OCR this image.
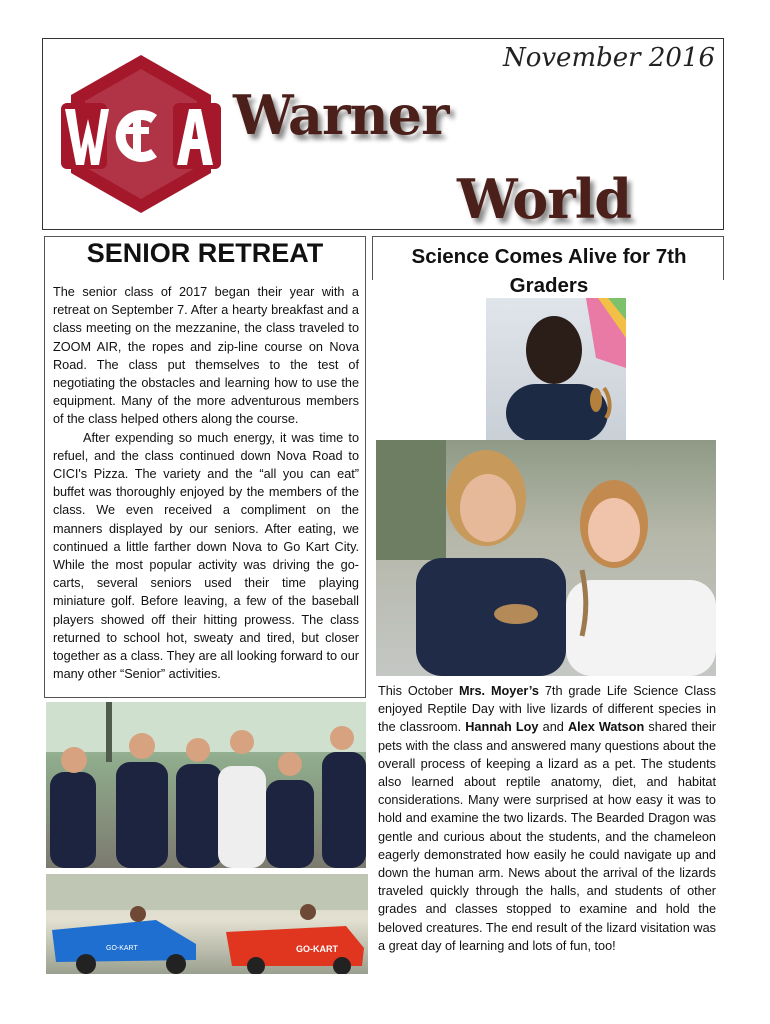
November 2016
Warner
World
SENIOR RETREAT

The senior class of 2017 began their year with a retreat on September 7. After a hearty breakfast and a class meeting on the mezzanine, the class traveled to ZOOM AIR, the ropes and zip-line course on Nova Road. The class put themselves to the test of negotiating the obstacles and learning how to use the equipment. Many of the more adventurous members of the class helped others along the course.

After expending so much energy, it was time to refuel, and the class continued down Nova Road to CICI's Pizza. The variety and the “all you can eat” buffet was thoroughly enjoyed by the members of the class. We even received a compliment on the manners displayed by our seniors. After eating, we continued a little farther down Nova to Go Kart City. While the most popular activity was driving the go-carts, several seniors used their time playing miniature golf. Before leaving, a few of the baseball players showed off their hitting prowess. The class returned to school hot, sweaty and tired, but closer together as a class. They are all looking forward to our many other “Senior” activities.

Science Comes Alive for 7th Graders
This October Mrs. Moyer’s 7th grade Life Science Class enjoyed Reptile Day with live lizards of different species in the classroom. Hannah Loy and Alex Watson shared their pets with the class and answered many questions about the overall process of keeping a lizard as a pet. The students also learned about reptile anatomy, diet, and habitat considerations. Many were surprised at how easy it was to hold and examine the two lizards. The Bearded Dragon was gentle and curious about the students, and the chameleon eagerly demonstrated how easily he could navigate up and down the human arm. News about the arrival of the lizards traveled quickly through the halls, and students of other grades and classes stopped to examine and hold the beloved creatures. The end result of the lizard visitation was a great day of learning and lots of fun, too!
GO-KART	GO-KART
